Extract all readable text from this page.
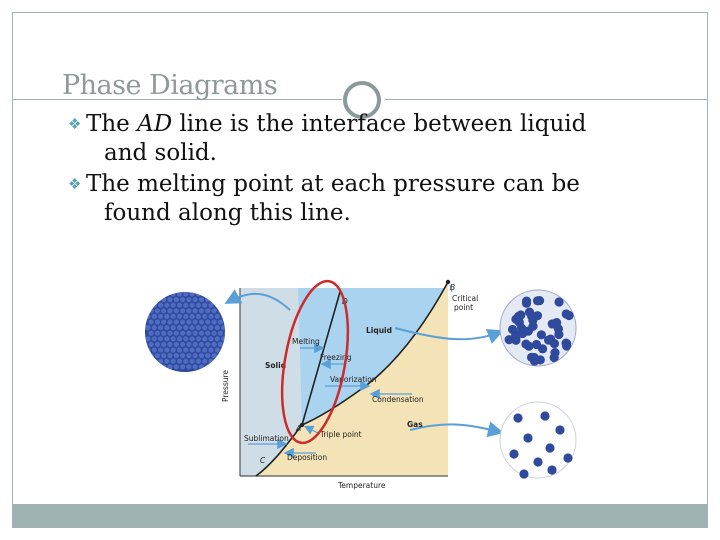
Phase Diagrams
❖ The AD line is the interface between liquid
and solid.
❖ The melting point at each pressure can be
found along this line.
D	Critical
point
Liquid
Melting
Freezing
Solid
Vaporization
Condensation
Gas
A
Triple point
Sublimation
Deposition
C
B
Temperature
Pressure
